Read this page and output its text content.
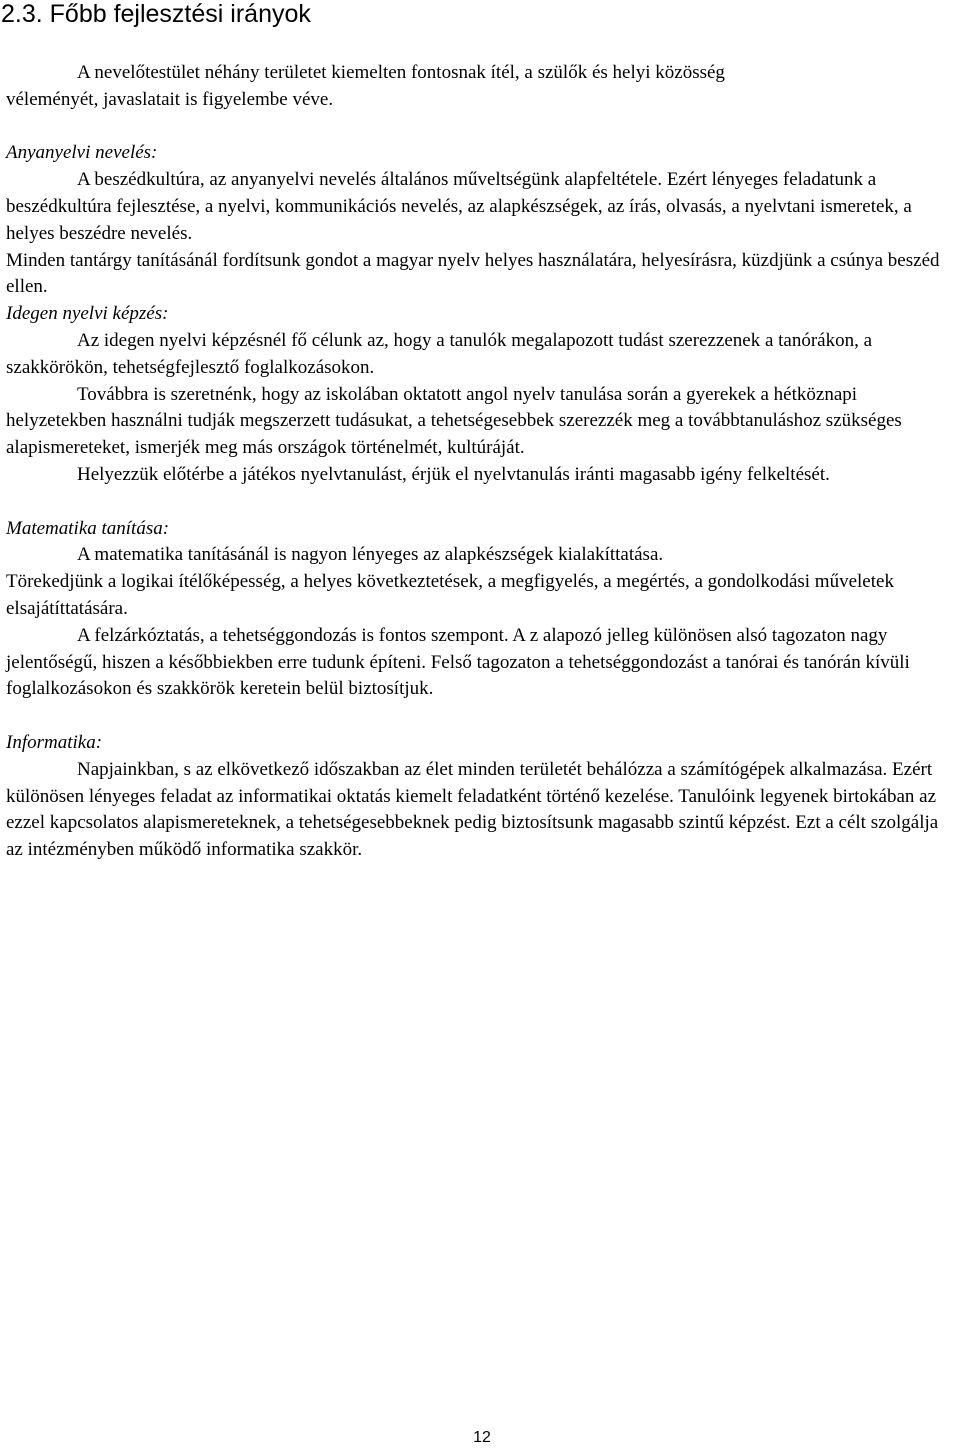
2.3. Főbb fejlesztési irányok

A nevelőtestület néhány területet kiemelten fontosnak ítél, a szülők és helyi közösség
véleményét, javaslatait is figyelembe véve.

Anyanyelvi nevelés:

A beszédkultúra, az anyanyelvi nevelés általános műveltségünk alapfeltétele. Ezért lényeges feladatunk a beszédkultúra fejlesztése, a nyelvi, kommunikációs nevelés, az alapkészségek, az írás, olvasás, a nyelvtani ismeretek, a helyes beszédre nevelés.

Minden tantárgy tanításánál fordítsunk gondot a magyar nyelv helyes használatára, helyesírásra, küzdjünk a csúnya beszéd ellen.

Idegen nyelvi képzés:

Az idegen nyelvi képzésnél fő célunk az, hogy a tanulók megalapozott tudást szerezzenek a tanórákon, a szakkörökön, tehetségfejlesztő foglalkozásokon.

Továbbra is szeretnénk, hogy az iskolában oktatott angol nyelv tanulása során a gyerekek a hétköznapi helyzetekben használni tudják megszerzett tudásukat, a tehetségesebbek szerezzék meg a továbbtanuláshoz szükséges alapismereteket, ismerjék meg más országok történelmét, kultúráját.

Helyezzük előtérbe a játékos nyelvtanulást, érjük el nyelvtanulás iránti magasabb igény felkeltését.

Matematika tanítása:

A matematika tanításánál is nagyon lényeges az alapkészségek kialakíttatása.

Törekedjünk a logikai ítélőképesség, a helyes következtetések, a megfigyelés, a megértés, a gondolkodási műveletek elsajátíttatására.

A felzárkóztatás, a tehetséggondozás is fontos szempont. A z alapozó jelleg különösen alsó tagozaton nagy jelentőségű, hiszen a későbbiekben erre tudunk építeni. Felső tagozaton a tehetséggondozást a tanórai és tanórán kívüli foglalkozásokon és szakkörök keretein belül biztosítjuk.

Informatika:

Napjainkban, s az elkövetkező időszakban az élet minden területét behálózza a számítógépek alkalmazása. Ezért különösen lényeges feladat az informatikai oktatás kiemelt feladatként történő kezelése. Tanulóink legyenek birtokában az ezzel kapcsolatos alapismereteknek, a tehetségesebbeknek pedig biztosítsunk magasabb szintű képzést. Ezt a célt szolgálja az intézményben működő informatika szakkör.

12
